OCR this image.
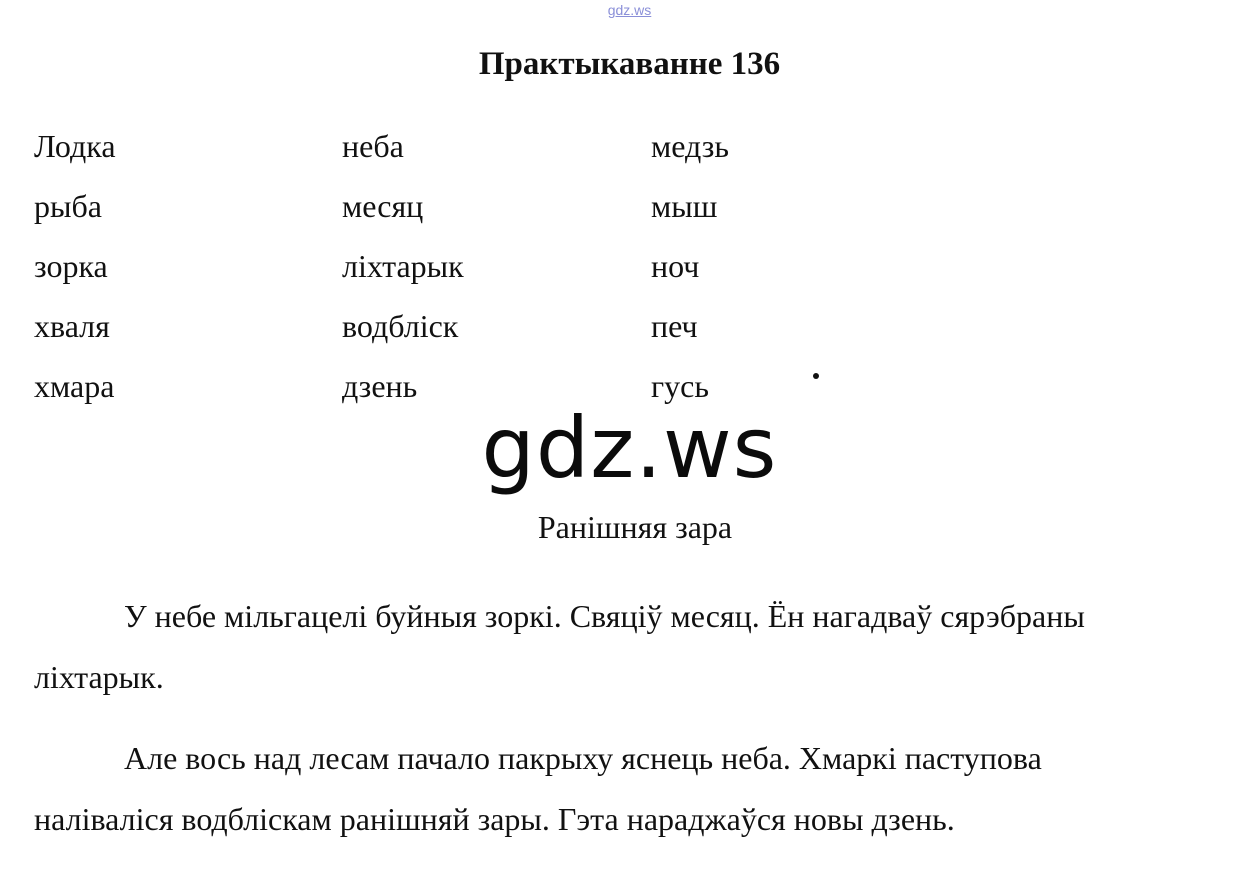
gdz.ws
Практыкаванне 136
Лодка
рыба
зорка
хваля
хмара
неба
месяц
ліхтарык
водбліск
дзень
медзь
мыш
ноч
печ
гусь
gdz.ws
Ранішняя зара

У небе мільгацелі буйныя зоркі. Свяціў месяц. Ён нагадваў сярэбраны ліхтарык.

Але вось над лесам пачало пакрыху яснець неба. Хмаркі паступова наліваліся водбліскам ранішняй зары. Гэта нараджаўся новы дзень.
